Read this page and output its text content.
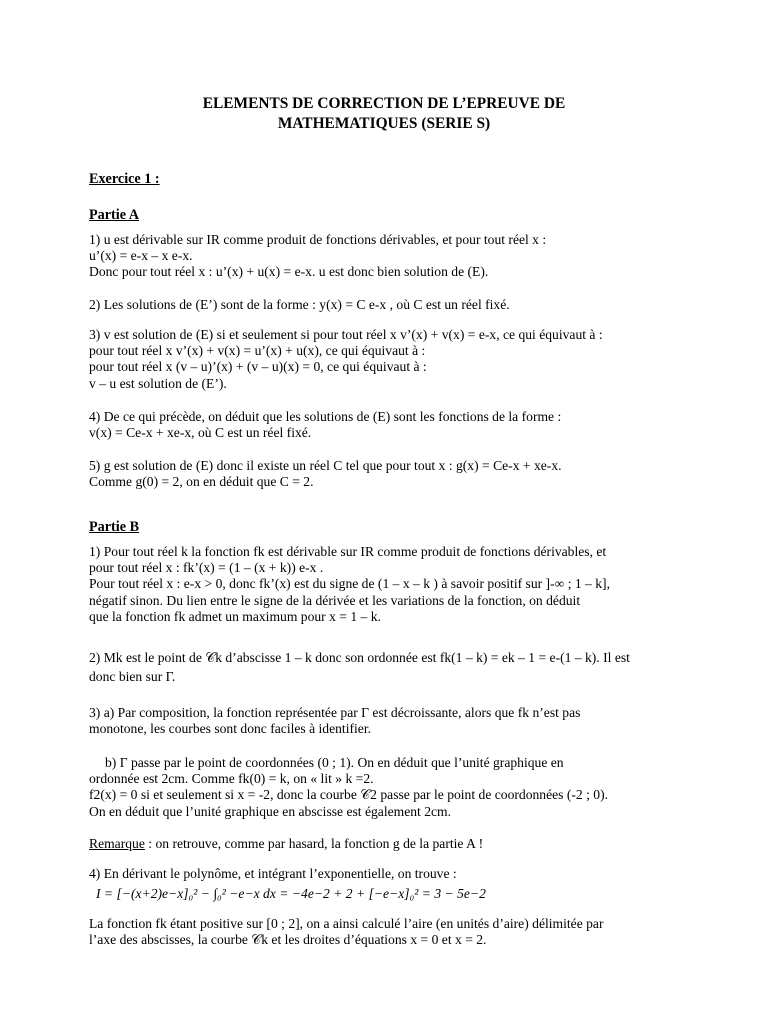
ELEMENTS DE CORRECTION DE L’EPREUVE DE
MATHEMATIQUES (SERIE S)
Exercice 1 :
Partie A
1) u est dérivable sur IR comme produit de fonctions dérivables, et pour tout réel x :
u’(x) = e-x – x e-x.
Donc pour tout réel x : u’(x) + u(x) = e-x. u est donc bien solution de (E).
2) Les solutions de (E’) sont de la forme : y(x) = C e-x , où C est un réel fixé.
3) v est solution de (E) si et seulement si pour tout réel x v’(x) + v(x) = e-x, ce qui équivaut à :
pour tout réel x v’(x) + v(x) = u’(x) + u(x), ce qui équivaut à :
pour tout réel x (v – u)’(x) + (v – u)(x) = 0, ce qui équivaut à :
v – u est solution de (E’).
4) De ce qui précède, on déduit que les solutions de (E) sont les fonctions de la forme :
v(x) = Ce-x + xe-x, où C est un réel fixé.
5) g est solution de (E) donc il existe un réel C tel que pour tout x : g(x) = Ce-x + xe-x.
Comme g(0) = 2, on en déduit que C = 2.
Partie B
1) Pour tout réel k la fonction fk est dérivable sur IR comme produit de fonctions dérivables, et
pour tout réel x : fk’(x) = (1 – (x + k)) e-x .
Pour tout réel x : e-x > 0, donc fk’(x) est du signe de (1 – x – k ) à savoir positif sur ]-∞ ; 1 – k],
négatif sinon. Du lien entre le signe de la dérivée et les variations de la fonction, on déduit
que la fonction fk admet un maximum pour x = 1 – k.
2) Mk est le point de 𝒞k d’abscisse 1 – k donc son ordonnée est fk(1 – k) = ek – 1 = e-(1 – k). Il est
donc bien sur Γ.
3) a) Par composition, la fonction représentée par Γ est décroissante, alors que fk n’est pas
monotone, les courbes sont donc faciles à identifier.
b) Γ passe par le point de coordonnées (0 ; 1). On en déduit que l’unité graphique en
ordonnée est 2cm. Comme fk(0) = k, on « lit » k =2.
f2(x) = 0 si et seulement si x = -2, donc la courbe 𝒞2 passe par le point de coordonnées (-2 ; 0).
On en déduit que l’unité graphique en abscisse est également 2cm.
Remarque : on retrouve, comme par hasard, la fonction g de la partie A !
4) En dérivant le polynôme, et intégrant l’exponentielle, on trouve :
I = [−(x+2)e−x]₀² − ∫₀² −e−x dx = −4e−2 + 2 + [−e−x]₀² = 3 − 5e−2
La fonction fk étant positive sur [0 ; 2], on a ainsi calculé l’aire (en unités d’aire) délimitée par
l’axe des abscisses, la courbe 𝒞k et les droites d’équations x = 0 et x = 2.
